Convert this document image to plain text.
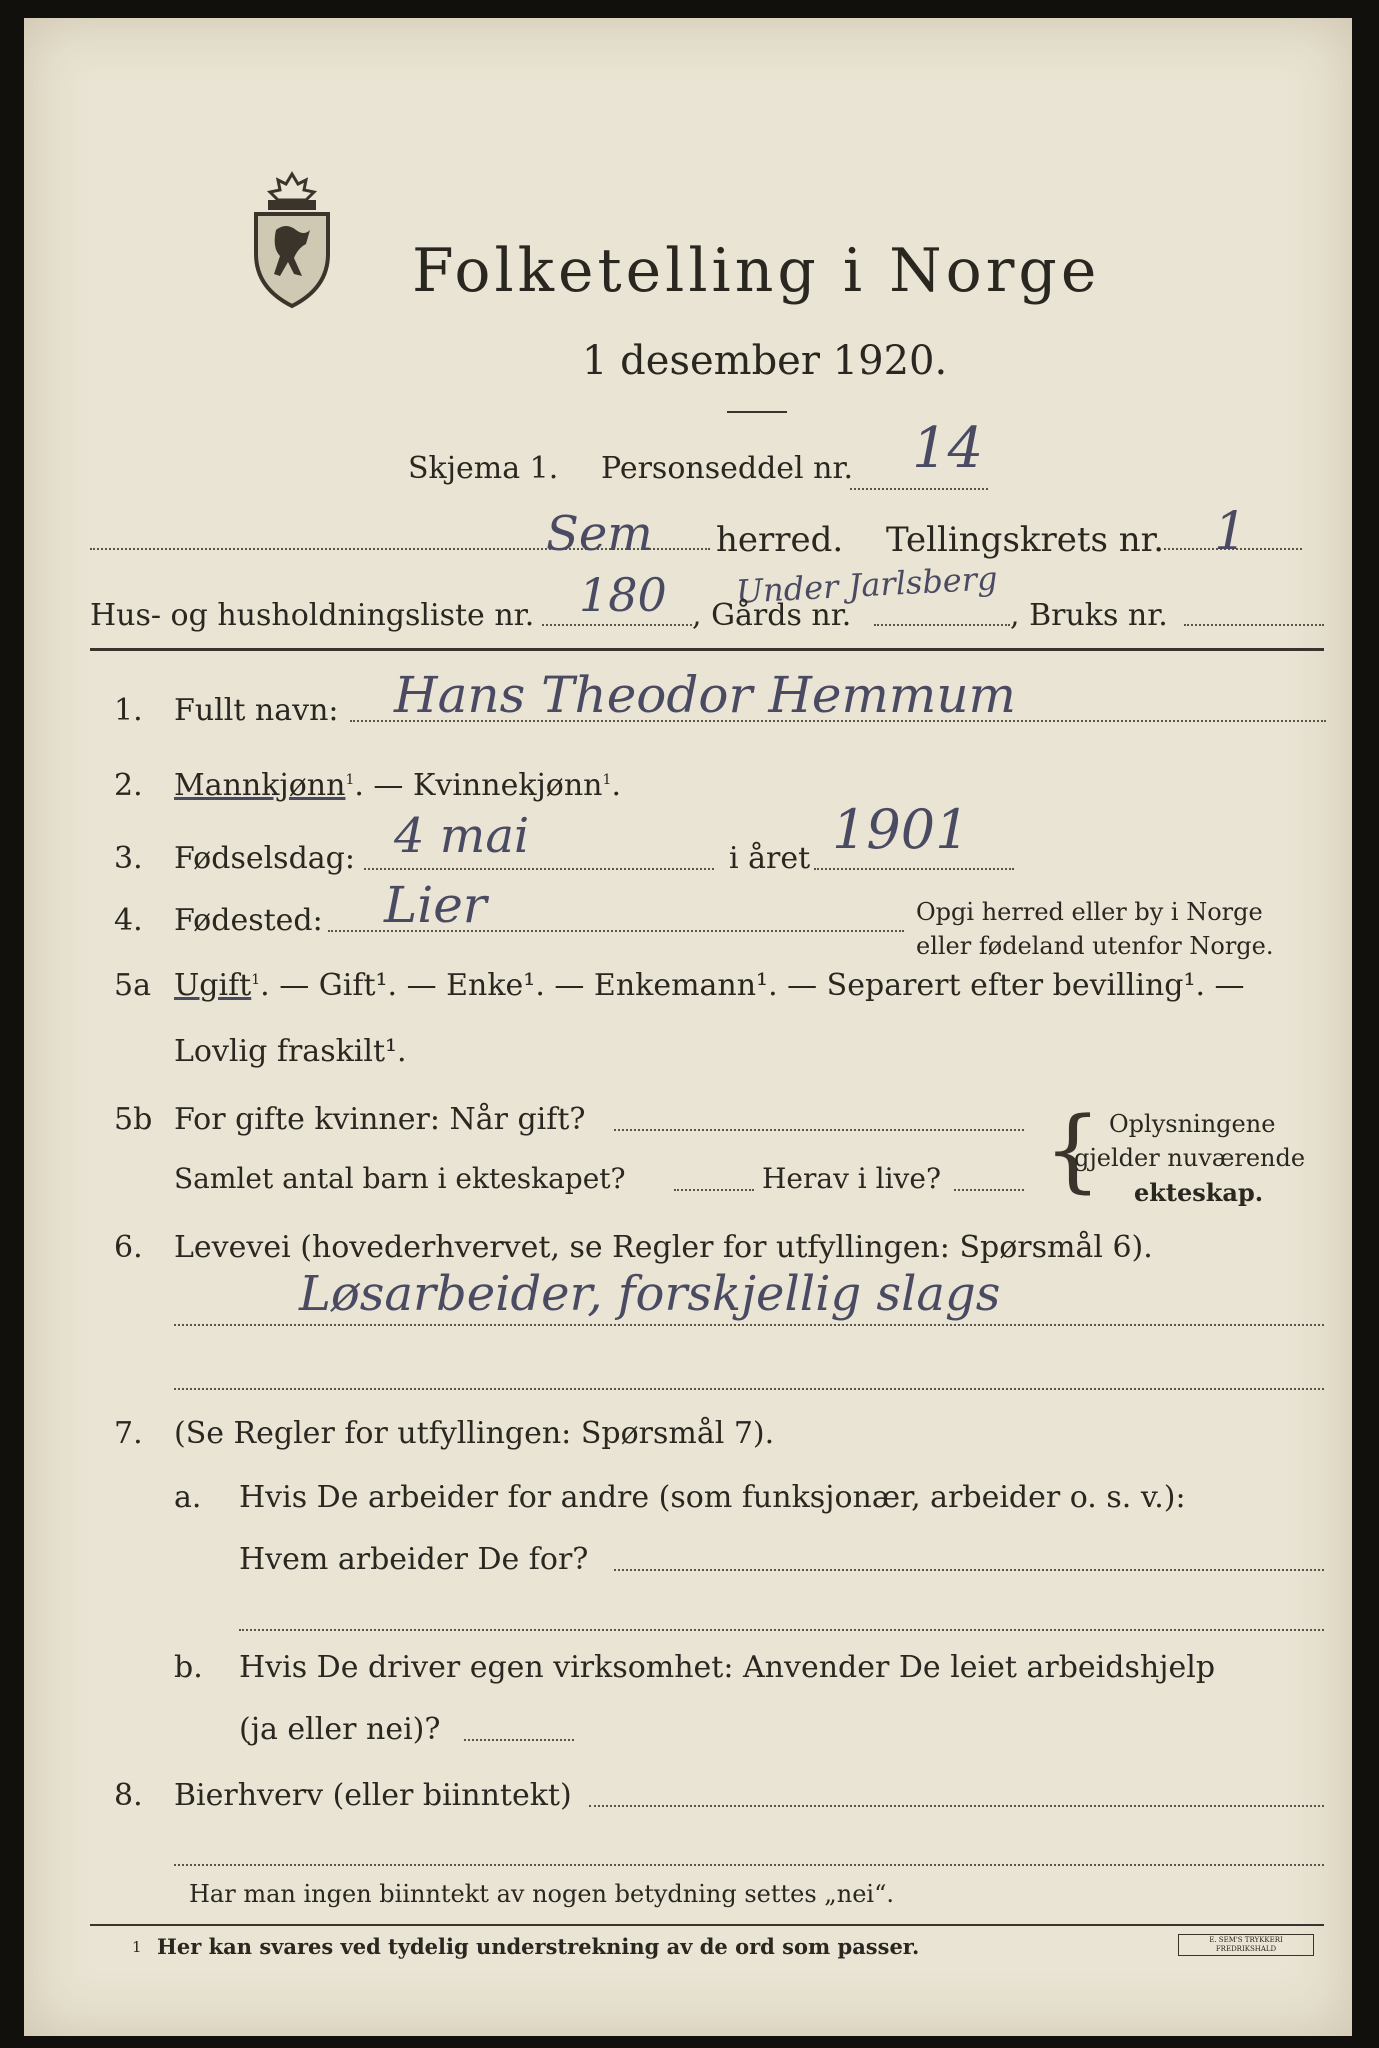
Folketelling i Norge
1 desember 1920.
Skjema 1. Personseddel nr. 14
Sem herred. Tellingskrets nr. 1
Hus- og husholdningsliste nr. 180 Under Jarlsberg
, Gårds nr.	, Bruks nr.
1. Fullt navn: Hans Theodor Hemmum
2. Mannkjønn$^1$. — Kvinnekjønn$^1$.
3. Fødselsdag: 4 mai	i året 1901
4. Fødested: Lier	Opgi herred eller by i Norge
eller fødeland utenfor Norge.
5a Ugift$^1$. — Gift¹. — Enke¹. — Enkemann¹. — Separert efter bevilling¹. —
Lovlig fraskilt¹.
5b For gifte kvinner: Når gift?
Samlet antal barn i ekteskapet?	Herav i live? { Oplysningene
gjelder nuværende
ekteskap.
6. Levevei (hovederhvervet, se Regler for utfyllingen: Spørsmål 6).
Løsarbeider, forskjellig slags
7. (Se Regler for utfyllingen: Spørsmål 7).
a. Hvis De arbeider for andre (som funksjonær, arbeider o. s. v.):
Hvem arbeider De for?
b. Hvis De driver egen virksomhet: Anvender De leiet arbeidshjelp
(ja eller nei)?
8. Bierhverv (eller biinntekt)
Har man ingen biinntekt av nogen betydning settes „nei“.
1 Her kan svares ved tydelig understrekning av de ord som passer.	E. SEM'S TRYKKERI FREDRIKSHALD
